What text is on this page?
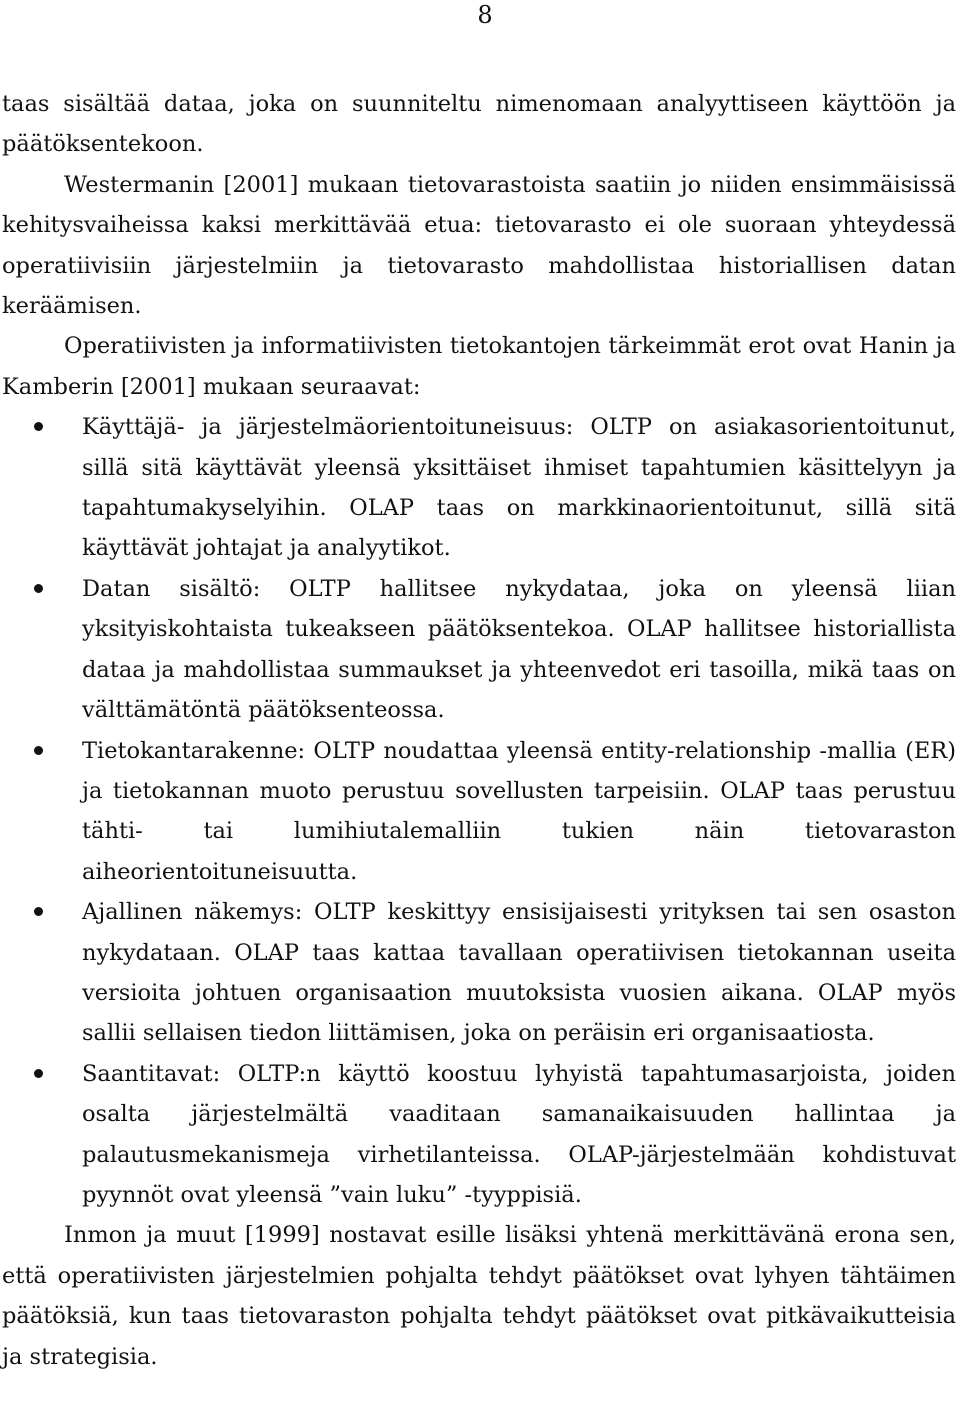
8

taas sisältää dataa, joka on suunniteltu nimenomaan analyyttiseen käyttöön ja päätöksentekoon.

Westermanin [2001] mukaan tietovarastoista saatiin jo niiden ensimmäisissä kehitysvaiheissa kaksi merkittävää etua: tietovarasto ei ole suoraan yhteydessä operatiivisiin järjestelmiin ja tietovarasto mahdollistaa historiallisen datan keräämisen.

Operatiivisten ja informatiivisten tietokantojen tärkeimmät erot ovat Hanin ja Kamberin [2001] mukaan seuraavat:

Käyttäjä- ja järjestelmäorientoituneisuus: OLTP on asiakasorientoitunut, sillä sitä käyttävät yleensä yksittäiset ihmiset tapahtumien käsittelyyn ja tapahtumakyselyihin. OLAP taas on markkinaorientoitunut, sillä sitä käyttävät johtajat ja analyytikot.
Datan sisältö: OLTP hallitsee nykydataa, joka on yleensä liian yksityiskohtaista tukeakseen päätöksentekoa. OLAP hallitsee historiallista dataa ja mahdollistaa summaukset ja yhteenvedot eri tasoilla, mikä taas on välttämätöntä päätöksenteossa.
Tietokantarakenne: OLTP noudattaa yleensä entity-relationship -mallia (ER) ja tietokannan muoto perustuu sovellusten tarpeisiin. OLAP taas perustuu tähti- tai lumihiutalemalliin tukien näin tietovaraston aiheorientoituneisuutta.
Ajallinen näkemys: OLTP keskittyy ensisijaisesti yrityksen tai sen osaston nykydataan. OLAP taas kattaa tavallaan operatiivisen tietokannan useita versioita johtuen organisaation muutoksista vuosien aikana. OLAP myös sallii sellaisen tiedon liittämisen, joka on peräisin eri organisaatiosta.
Saantitavat: OLTP:n käyttö koostuu lyhyistä tapahtumasarjoista, joiden osalta järjestelmältä vaaditaan samanaikaisuuden hallintaa ja palautusmekanismeja virhetilanteissa. OLAP-järjestelmään kohdistuvat pyynnöt ovat yleensä ”vain luku” -tyyppisiä.

Inmon ja muut [1999] nostavat esille lisäksi yhtenä merkittävänä erona sen, että operatiivisten järjestelmien pohjalta tehdyt päätökset ovat lyhyen tähtäimen päätöksiä, kun taas tietovaraston pohjalta tehdyt päätökset ovat pitkävaikutteisia ja strategisia.
